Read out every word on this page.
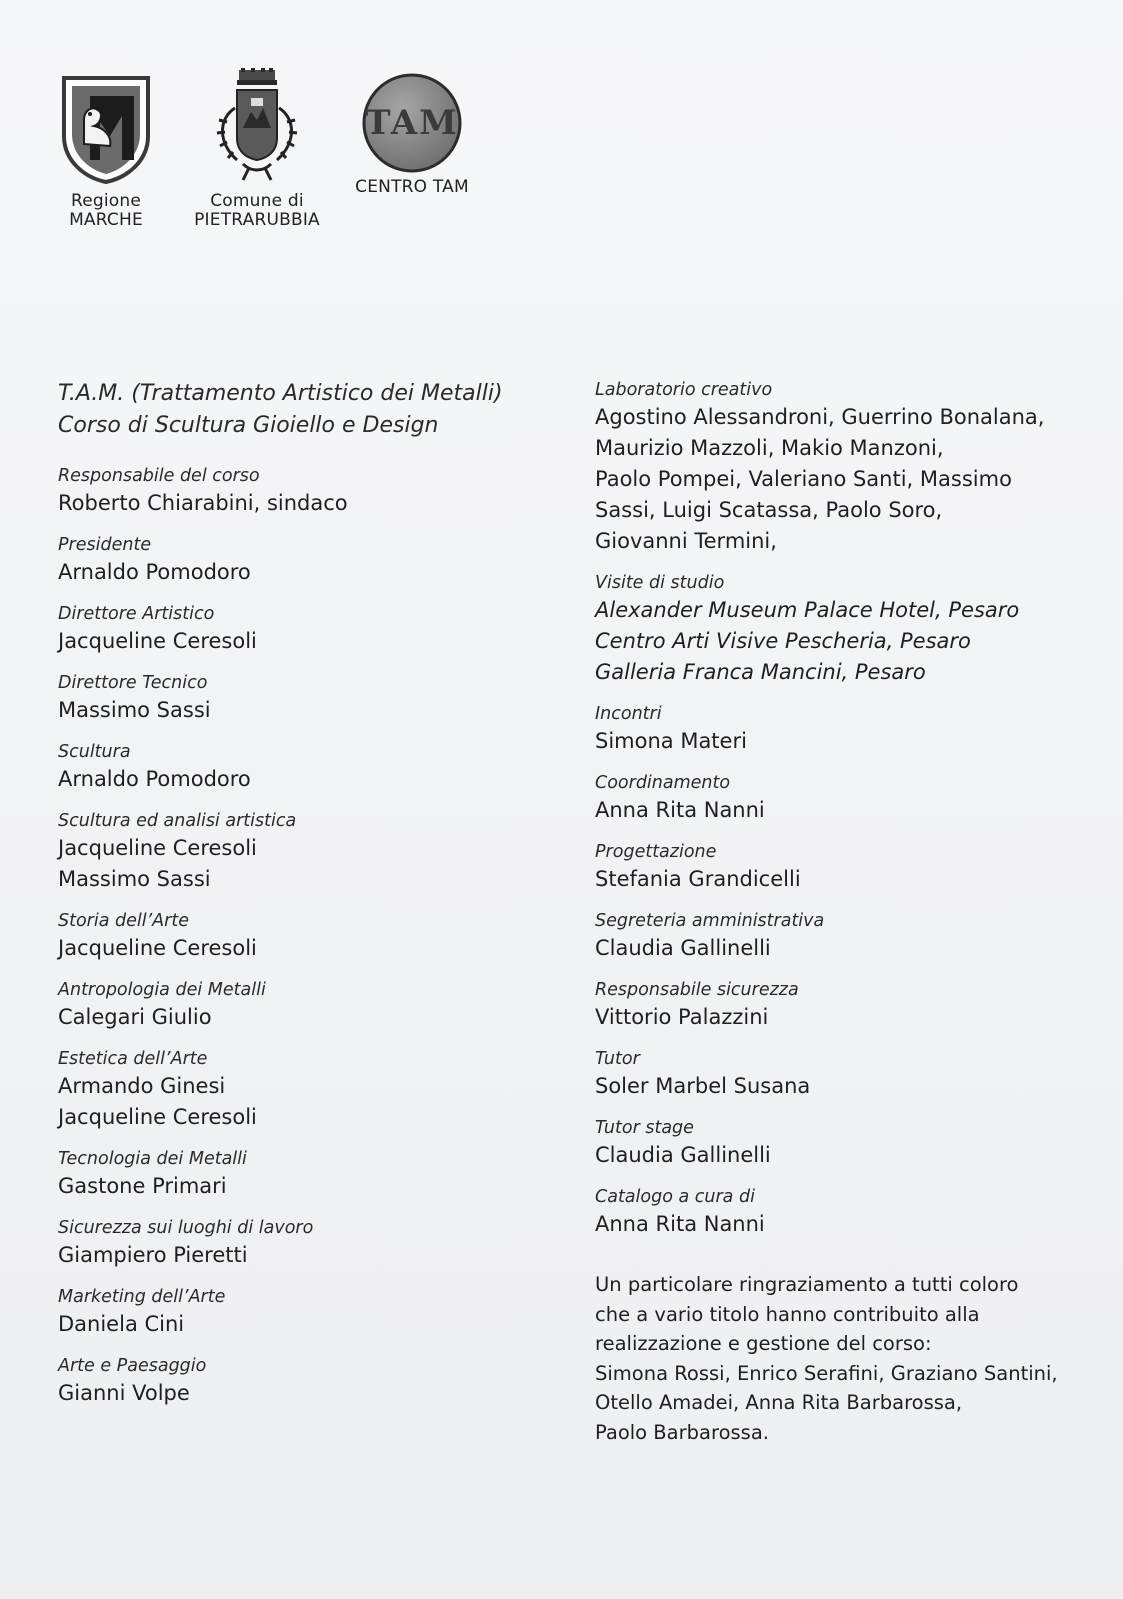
Regione
MARCHE
Comune di
PIETRARUBBIA
TAM
CENTRO TAM
T.A.M. (Trattamento Artistico dei Metalli)
Corso di Scultura Gioiello e Design
Responsabile del corso
Roberto Chiarabini, sindaco
Presidente
Arnaldo Pomodoro
Direttore Artistico
Jacqueline Ceresoli
Direttore Tecnico
Massimo Sassi
Scultura
Arnaldo Pomodoro
Scultura ed analisi artistica
Jacqueline Ceresoli
Massimo Sassi
Storia dell’Arte
Jacqueline Ceresoli
Antropologia dei Metalli
Calegari Giulio
Estetica dell’Arte
Armando Ginesi
Jacqueline Ceresoli
Tecnologia dei Metalli
Gastone Primari
Sicurezza sui luoghi di lavoro
Giampiero Pieretti
Marketing dell’Arte
Daniela Cini
Arte e Paesaggio
Gianni Volpe
Laboratorio creativo
Agostino Alessandroni, Guerrino Bonalana,
Maurizio Mazzoli, Makio Manzoni,
Paolo Pompei, Valeriano Santi, Massimo
Sassi, Luigi Scatassa, Paolo Soro,
Giovanni Termini,
Visite di studio
Alexander Museum Palace Hotel, Pesaro
Centro Arti Visive Pescheria, Pesaro
Galleria Franca Mancini, Pesaro
Incontri
Simona Materi
Coordinamento
Anna Rita Nanni
Progettazione
Stefania Grandicelli
Segreteria amministrativa
Claudia Gallinelli
Responsabile sicurezza
Vittorio Palazzini
Tutor
Soler Marbel Susana
Tutor stage
Claudia Gallinelli
Catalogo a cura di
Anna Rita Nanni
Un particolare ringraziamento a tutti coloro
che a vario titolo hanno contribuito alla
realizzazione e gestione del corso:
Simona Rossi, Enrico Serafini, Graziano Santini,
Otello Amadei, Anna Rita Barbarossa,
Paolo Barbarossa.
